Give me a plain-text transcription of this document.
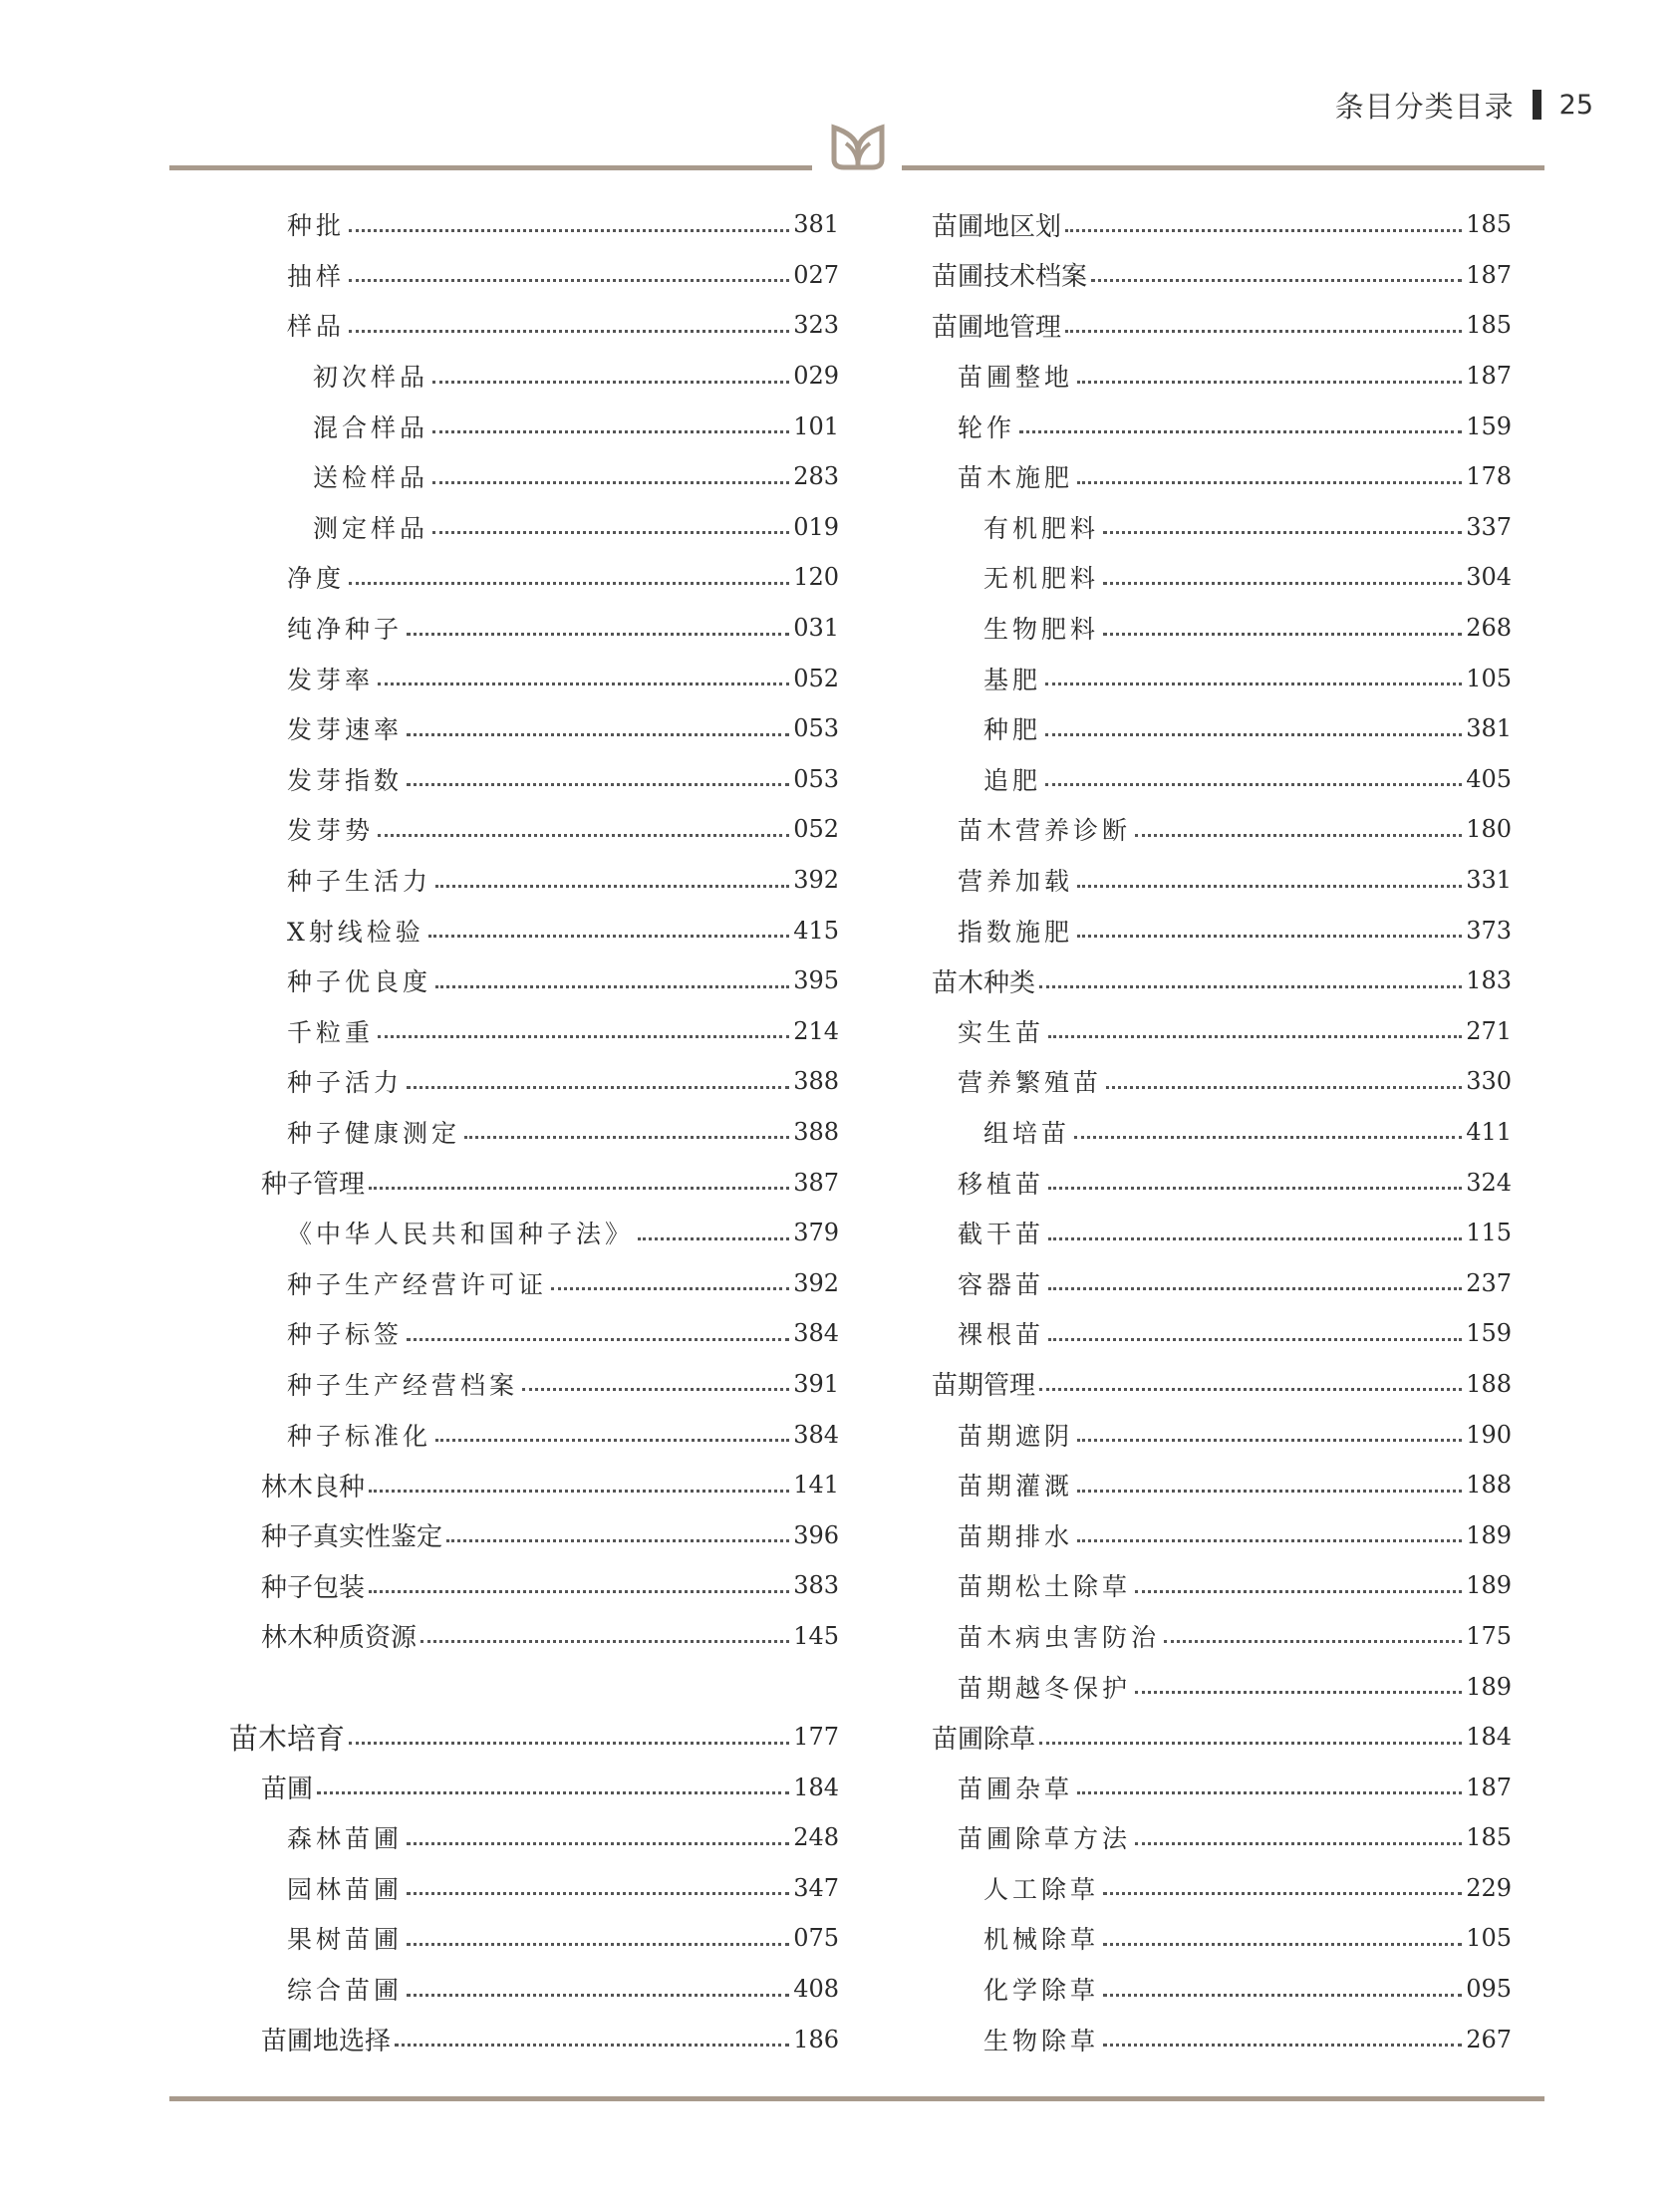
条目分类目录 25
种批	381
抽样	027
样品	323
初次样品	029
混合样品	101
送检样品	283
测定样品	019
净度	120
纯净种子	031
发芽率	052
发芽速率	053
发芽指数	053
发芽势	052
种子生活力	392
X射线检验	415
种子优良度	395
千粒重	214
种子活力	388
种子健康测定	388
种子管理	387
《中华人民共和国种子法》	379
种子生产经营许可证	392
种子标签	384
种子生产经营档案	391
种子标准化	384
林木良种	141
种子真实性鉴定	396
种子包装	383
林木种质资源	145
苗木培育	177
苗圃	184
森林苗圃	248
园林苗圃	347
果树苗圃	075
综合苗圃	408
苗圃地选择	186
苗圃地区划	185
苗圃技术档案	187
苗圃地管理	185
苗圃整地	187
轮作	159
苗木施肥	178
有机肥料	337
无机肥料	304
生物肥料	268
基肥	105
种肥	381
追肥	405
苗木营养诊断	180
营养加载	331
指数施肥	373
苗木种类	183
实生苗	271
营养繁殖苗	330
组培苗	411
移植苗	324
截干苗	115
容器苗	237
裸根苗	159
苗期管理	188
苗期遮阴	190
苗期灌溉	188
苗期排水	189
苗期松土除草	189
苗木病虫害防治	175
苗期越冬保护	189
苗圃除草	184
苗圃杂草	187
苗圃除草方法	185
人工除草	229
机械除草	105
化学除草	095
生物除草	267
